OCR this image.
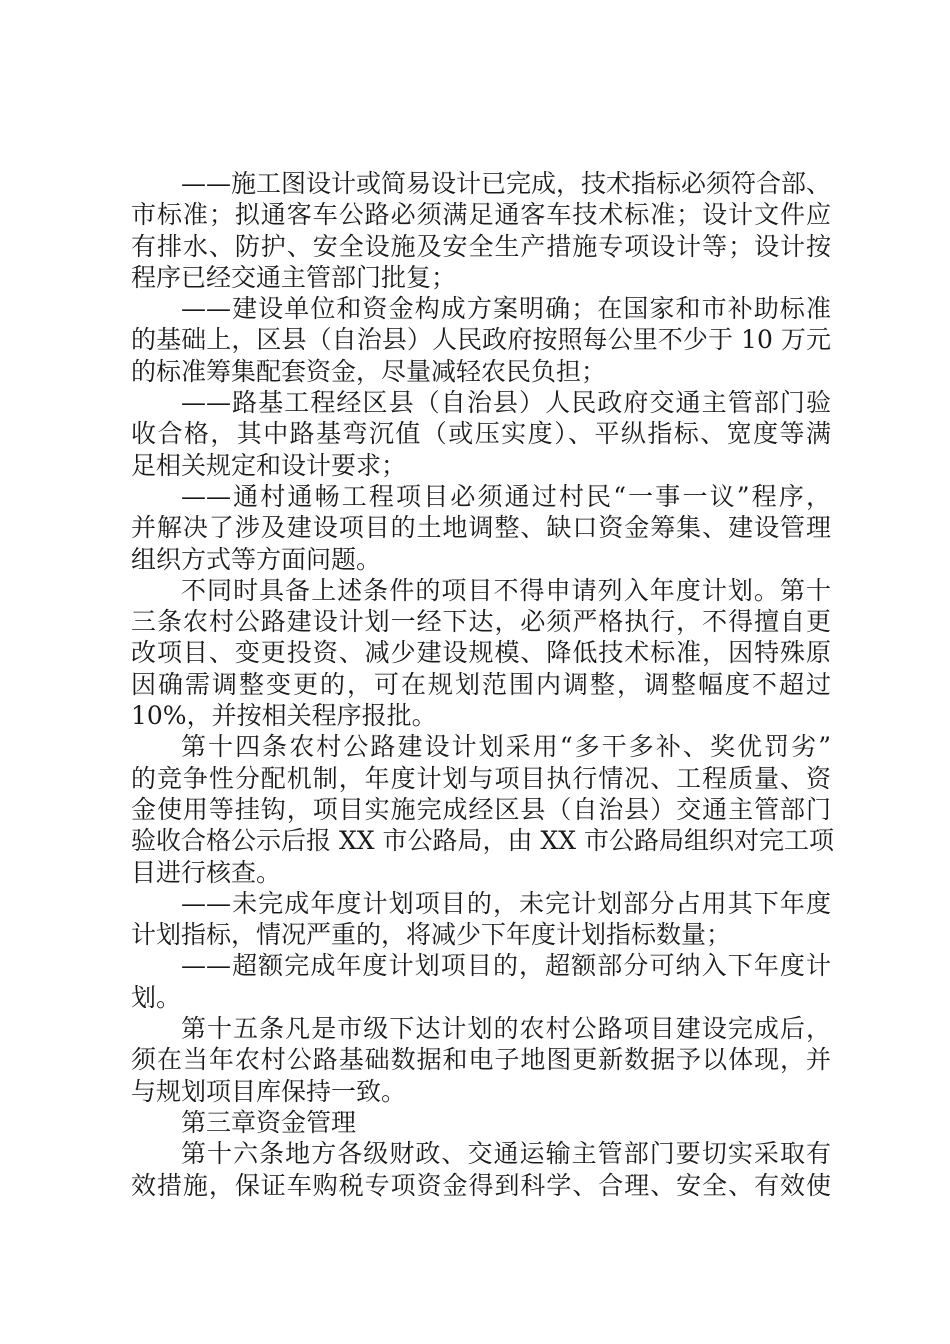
——施工图设计或简易设计已完成，技术指标必须符合部、
市标准；拟通客车公路必须满足通客车技术标准；设计文件应
有排水、防护、安全设施及安全生产措施专项设计等；设计按
程序已经交通主管部门批复；
——建设单位和资金构成方案明确；在国家和市补助标准
的基础上，区县（自治县）人民政府按照每公里不少于 10 万元
的标准筹集配套资金，尽量减轻农民负担；
——路基工程经区县（自治县）人民政府交通主管部门验
收合格，其中路基弯沉值（或压实度）、平纵指标、宽度等满
足相关规定和设计要求；
——通村通畅工程项目必须通过村民“一事一议”程序，
并解决了涉及建设项目的土地调整、缺口资金筹集、建设管理
组织方式等方面问题。
不同时具备上述条件的项目不得申请列入年度计划。第十
三条农村公路建设计划一经下达，必须严格执行，不得擅自更
改项目、变更投资、减少建设规模、降低技术标准，因特殊原
因确需调整变更的，可在规划范围内调整，调整幅度不超过
10%，并按相关程序报批。
第十四条农村公路建设计划采用“多干多补、奖优罚劣”
的竞争性分配机制，年度计划与项目执行情况、工程质量、资
金使用等挂钩，项目实施完成经区县（自治县）交通主管部门
验收合格公示后报 XX 市公路局，由 XX 市公路局组织对完工项
目进行核查。
——未完成年度计划项目的，未完计划部分占用其下年度
计划指标，情况严重的，将减少下年度计划指标数量；
——超额完成年度计划项目的，超额部分可纳入下年度计
划。
第十五条凡是市级下达计划的农村公路项目建设完成后，
须在当年农村公路基础数据和电子地图更新数据予以体现，并
与规划项目库保持一致。
第三章资金管理
第十六条地方各级财政、交通运输主管部门要切实采取有
效措施，保证车购税专项资金得到科学、合理、安全、有效使
